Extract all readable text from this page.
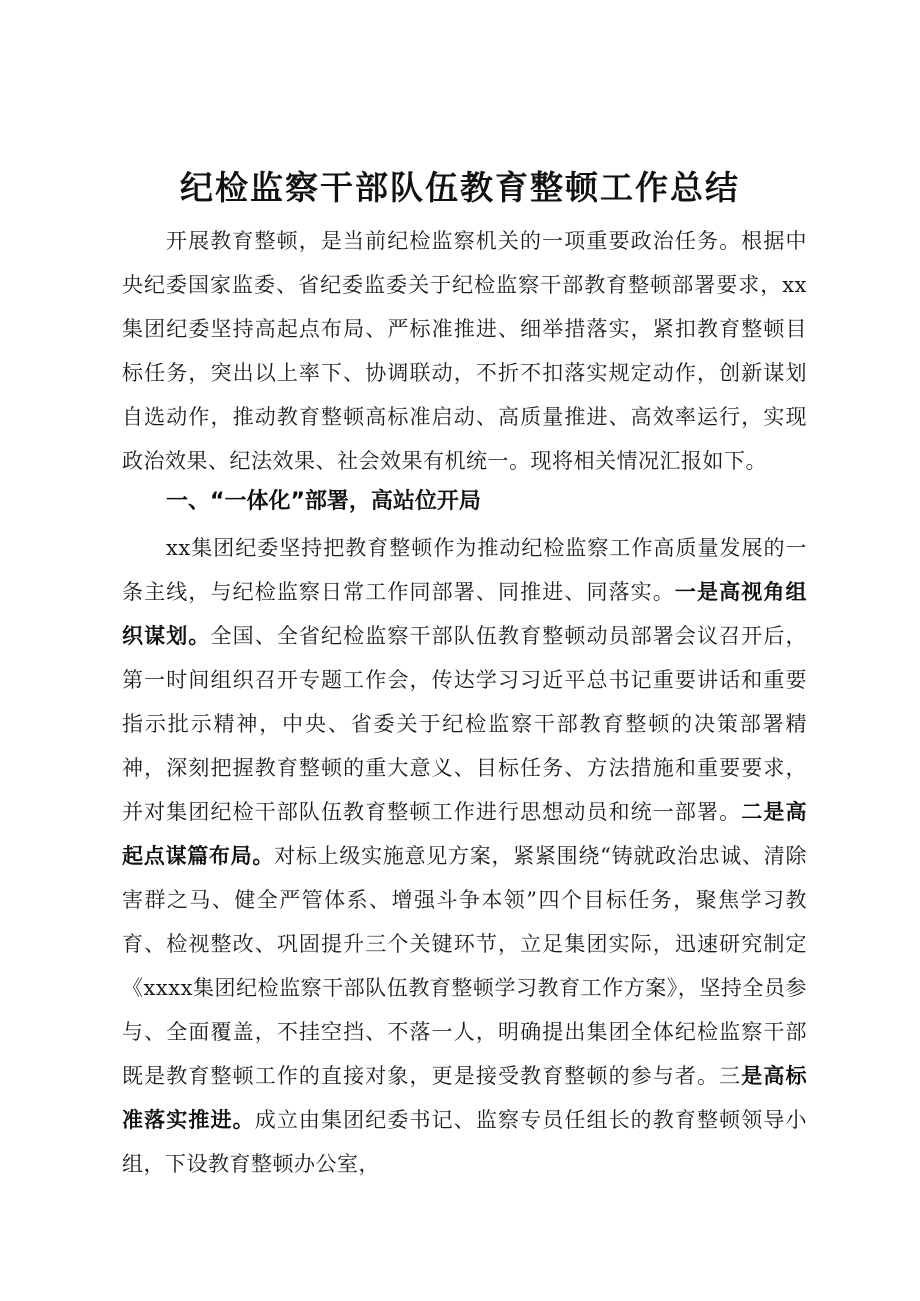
纪检监察干部队伍教育整顿工作总结

开展教育整顿，是当前纪检监察机关的一项重要政治任务。根据中央纪委国家监委、省纪委监委关于纪检监察干部教育整顿部署要求，xx集团纪委坚持高起点布局、严标准推进、细举措落实，紧扣教育整顿目标任务，突出以上率下、协调联动，不折不扣落实规定动作，创新谋划自选动作，推动教育整顿高标准启动、高质量推进、高效率运行，实现政治效果、纪法效果、社会效果有机统一。现将相关情况汇报如下。

一、“一体化”部署，高站位开局

xx集团纪委坚持把教育整顿作为推动纪检监察工作高质量发展的一条主线，与纪检监察日常工作同部署、同推进、同落实。一是高视角组织谋划。全国、全省纪检监察干部队伍教育整顿动员部署会议召开后，第一时间组织召开专题工作会，传达学习习近平总书记重要讲话和重要指示批示精神，中央、省委关于纪检监察干部教育整顿的决策部署精神，深刻把握教育整顿的重大意义、目标任务、方法措施和重要要求，并对集团纪检干部队伍教育整顿工作进行思想动员和统一部署。二是高起点谋篇布局。对标上级实施意见方案，紧紧围绕“铸就政治忠诚、清除害群之马、健全严管体系、增强斗争本领”四个目标任务，聚焦学习教育、检视整改、巩固提升三个关键环节，立足集团实际，迅速研究制定《xxxx集团纪检监察干部队伍教育整顿学习教育工作方案》，坚持全员参与、全面覆盖，不挂空挡、不落一人，明确提出集团全体纪检监察干部既是教育整顿工作的直接对象，更是接受教育整顿的参与者。三是高标准落实推进。成立由集团纪委书记、监察专员任组长的教育整顿领导小组，下设教育整顿办公室，
